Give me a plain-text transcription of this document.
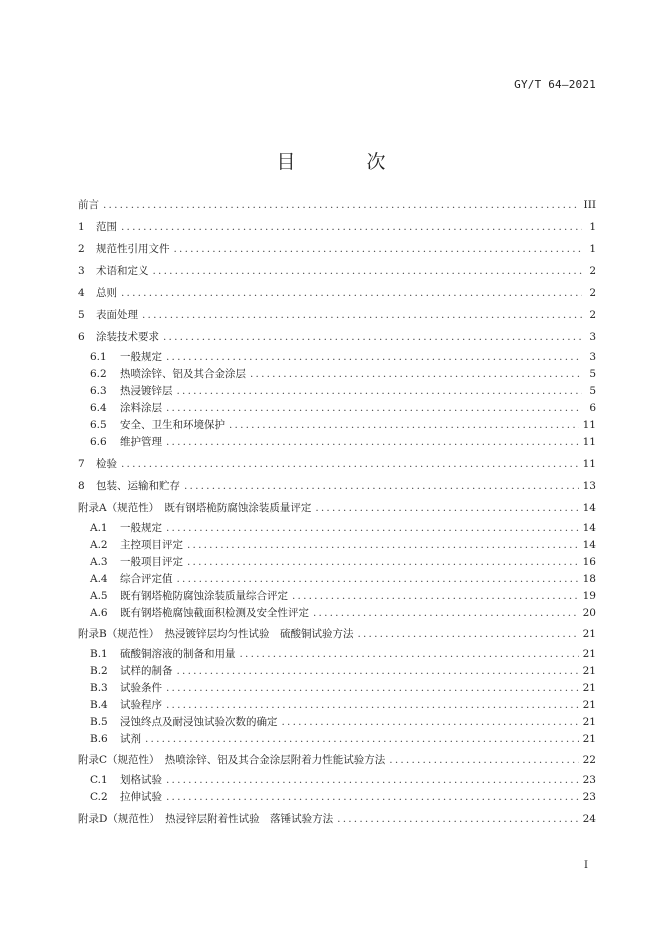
GY/T 64—2021
目　次
前言 .....	III
1	范围 .....	1
2	规范性引用文件 .....	1
3	术语和定义 .....	2
4	总则 .....	2
5	表面处理 .....	2
6	涂装技术要求 .....	3
6.1	一般规定 .....	3
6.2	热喷涂锌、铝及其合金涂层 .....	5
6.3	热浸镀锌层 .....	5
6.4	涂料涂层 .....	6
6.5	安全、卫生和环境保护 .....	11
6.6	维护管理 .....	11
7	检验 .....	11
8	包装、运输和贮存 .....	13
附录A（规范性）　既有钢塔桅防腐蚀涂装质量评定 .....	14
A.1	一般规定 .....	14
A.2	主控项目评定 .....	14
A.3	一般项目评定 .....	16
A.4	综合评定值 .....	18
A.5	既有钢塔桅防腐蚀涂装质量综合评定 .....	19
A.6	既有钢塔桅腐蚀截面积检测及安全性评定 .....	20
附录B（规范性）　热浸镀锌层均匀性试验　硫酸铜试验方法 .....	21
B.1	硫酸铜溶液的制备和用量 .....	21
B.2	试样的制备 .....	21
B.3	试验条件 .....	21
B.4	试验程序 .....	21
B.5	浸蚀终点及耐浸蚀试验次数的确定 .....	21
B.6	试剂 .....	21
附录C（规范性）　热喷涂锌、铝及其合金涂层附着力性能试验方法 .....	22
C.1	划格试验 .....	23
C.2	拉伸试验 .....	23
附录D（规范性）　热浸锌层附着性试验　落锤试验方法 .....	24
I
